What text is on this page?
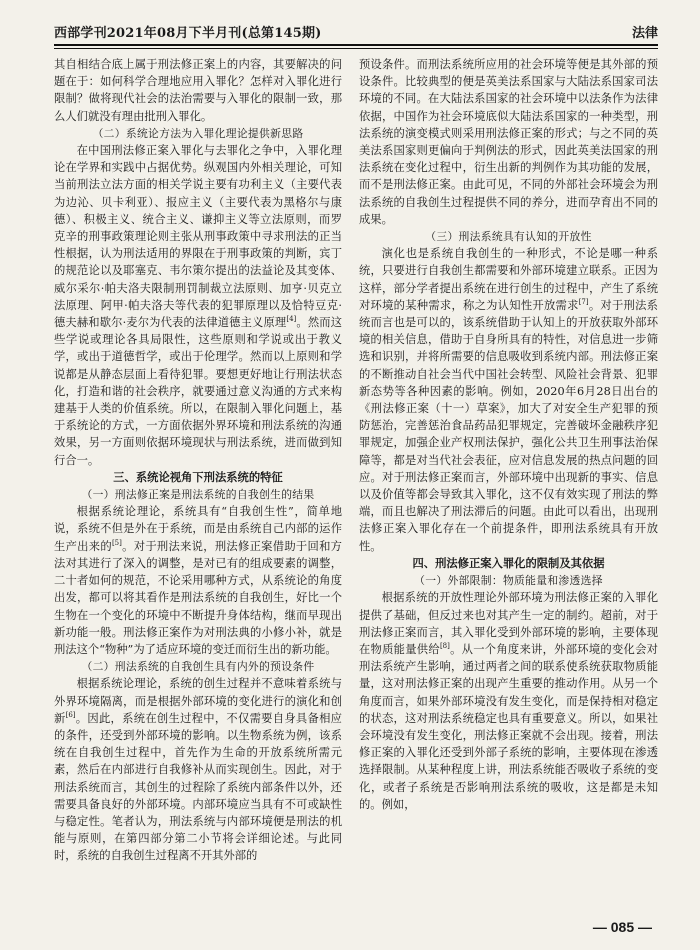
西部学刊2021年08月下半月刊(总第145期)	法律

其自相结合底上属于刑法修正案上的内容，其要解决的问题在于：如何科学合理地应用入罪化？怎样对入罪化进行限制？做将现代社会的法治需要与入罪化的限制一致，那么人们就没有理由批刑入罪化。

（二）系统论方法为入罪化理论提供新思路

在中国刑法修正案入罪化与去罪化之争中，入罪化理论在学界和实践中占据优势。纵观国内外相关理论，可知当前刑法立法方面的相关学说主要有功利主义（主要代表为边沁、贝卡利亚）、报应主义（主要代表为黑格尔与康德）、积极主义、统合主义、谦抑主义等立法原则，而罗克辛的刑事政策理论则主张从刑事政策中寻求刑法的正当性根据，认为刑法适用的界限在于刑事政策的判断，宾丁的规范论以及耶塞克、韦尔策尔提出的法益论及其变体、威尔采尔·帕夫洛夫限制刑罚制裁立法原则、加亨·贝克立法原理、阿甲·帕夫洛夫等代表的犯罪原理以及恰特豆克·德夫赫和歇尔·麦尔为代表的法律道德主义原理[4]。然而这些学说或理论各具局限性，这些原则和学说或出于教义学，或出于道德哲学，或出于伦理学。然而以上原则和学说都是从静态层面上看待犯罪。要想更好地让行刑法状态化，打造和谐的社会秩序，就要通过意义沟通的方式来构建基于人类的价值系统。所以，在限制入罪化问题上，基于系统论的方式，一方面依据外界环境和刑法系统的沟通效果，另一方面则依据环境现状与刑法系统，进而做到知行合一。

三、系统论视角下刑法系统的特征
（一）刑法修正案是刑法系统的自我创生的结果

根据系统论理论，系统具有“自我创生性”，简单地说，系统不但是外在于系统，而是由系统自己内部的运作生产出来的[5]。对于刑法来说，刑法修正案借助于回和方法对其进行了深入的调整，是对已有的组成要素的调整，二十者如何的规范，不论采用哪种方式，从系统论的角度出发，都可以将其看作是刑法系统的自我创生，好比一个生物在一个变化的环境中不断提升身体结构，继而早现出新功能一般。刑法修正案作为对刑法典的小修小补，就是刑法这个“物种”为了适应环境的变迁而衍生出的新功能。

（二）刑法系统的自我创生具有内外的预设条件

根据系统论理论，系统的创生过程并不意味着系统与外界环境隔离，而是根据外部环境的变化进行的演化和创新[6]。因此，系统在创生过程中，不仅需要自身具备相应的条件，还受到外部环境的影响。以生物系统为例，该系统在自我创生过程中，首先作为生命的开放系统所需元素，然后在内部进行自我修补从而实现创生。因此，对于刑法系统而言，其创生的过程除了系统内部条件以外，还需要具备良好的外部环境。内部环境应当具有不可或缺性与稳定性。笔者认为，刑法系统与内部环境便是刑法的机能与原则，在第四部分第二小节将会详细论述。与此同时，系统的自我创生过程离不开其外部的

预设条件。而刑法系统所应用的社会环境等便是其外部的预设条件。比较典型的便是英美法系国家与大陆法系国家司法环境的不同。在大陆法系国家的社会环境中以法条作为法律依据，中国作为社会环境底似大陆法系国家的一种类型，刑法系统的演变模式则采用刑法修正案的形式；与之不同的英美法系国家则更偏向于判例法的形式，因此英美法国家的刑法系统在变化过程中，衍生出新的判例作为其功能的发展，而不是刑法修正案。由此可见，不同的外部社会环境会为刑法系统的自我创生过程提供不同的养分，进而孕育出不同的成果。

（三）刑法系统具有认知的开放性

演化也是系统自我创生的一种形式，不论是哪一种系统，只要进行自我创生都需要和外部环境建立联系。正因为这样，部分学者提出系统在进行创生的过程中，产生了系统对环境的某种需求，称之为认知性开放需求[7]。对于刑法系统而言也是可以的，该系统借助于认知上的开放获取外部环境的相关信息，借助于自身所具有的特性，对信息进一步筛选和识别，并将所需要的信息吸收到系统内部。刑法修正案的不断推动自社会当代中国社会转型、风险社会背景、犯罪新态势等各种因素的影响。例如，2020年6月28日出台的《刑法修正案（十一）草案》，加大了对安全生产犯罪的预防惩治，完善惩治食品药品犯罪规定，完善破坏金融秩序犯罪规定，加强企业产权刑法保护，强化公共卫生刑事法治保障等，都是对当代社会表征，应对信息发展的热点问题的回应。对于刑法修正案而言，外部环境中出现新的事实、信息以及价值等都会导致其入罪化，这不仅有效实现了刑法的弊端，而且也解决了刑法滞后的问题。由此可以看出，出现刑法修正案入罪化存在一个前提条件，即刑法系统具有开放性。

四、刑法修正案入罪化的限制及其依据
（一）外部限制：物质能量和渗透选择

根据系统的开放性理论外部环境为刑法修正案的入罪化提供了基础，但反过来也对其产生一定的制约。超前，对于刑法修正案而言，其入罪化受到外部环境的影响，主要体现在物质能量供给[8]。从一个角度来讲，外部环境的变化会对刑法系统产生影响，通过两者之间的联系使系统获取物质能量，这对刑法修正案的出现产生重要的推动作用。从另一个角度而言，如果外部环境没有发生变化，而是保持相对稳定的状态，这对刑法系统稳定也具有重要意义。所以，如果社会环境没有发生变化，刑法修正案就不会出现。接着，刑法修正案的入罪化还受到外部子系统的影响，主要体现在渗透选择限制。从某种程度上讲，刑法系统能否吸收子系统的变化，或者子系统是否影响刑法系统的吸收，这是都是未知的。例如，

— 085 —
